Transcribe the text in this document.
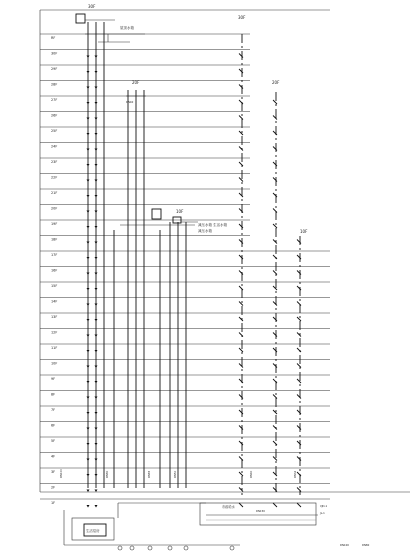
RF
30F
29F
28F
27F
26F
25F
24F
23F
22F
21F
20F
19F
18F
17F
16F
15F
14F
13F
12F
11F
10F
9F
8F
7F
6F
5F
4F
3F
2F
1F
30F
30F
20F	20F
10F
10F
屋顶水箱
减压水箱 生活水箱
减压水箱
DN40
DN100	DN80	DN65	DN50	DN40	DN32
生活泵房
市政给水
DN150
XJD-1
JL-1
DN100	DN80
